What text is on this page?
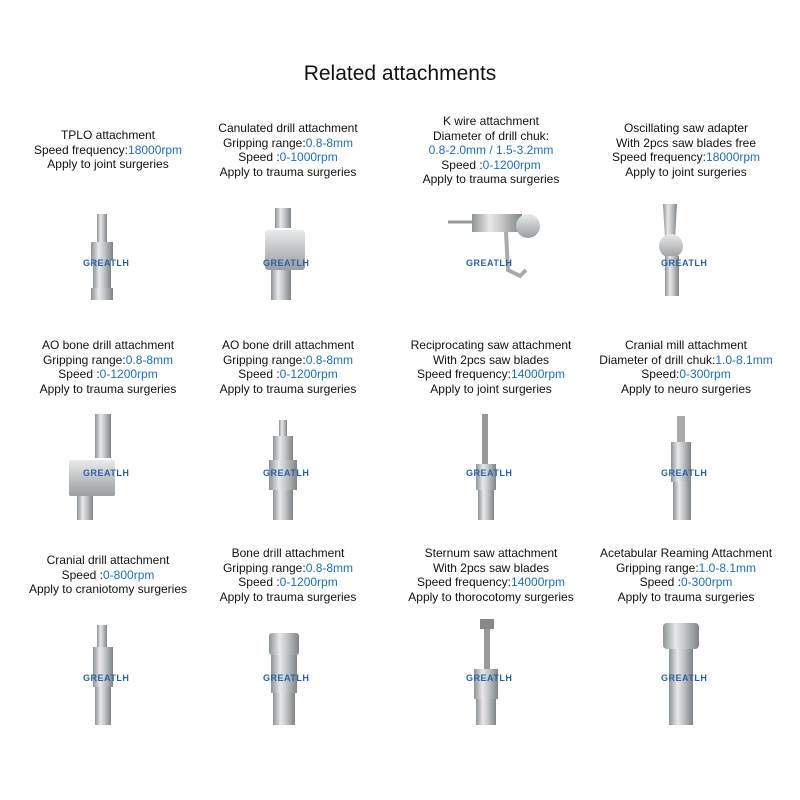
Related attachments
TPLO attachment
Speed frequency:18000rpm
Apply to joint surgeries
GREATLH
Canulated drill attachment
Gripping range:0.8-8mm
Speed :0-1000rpm
Apply to trauma surgeries
GREATLH
K wire attachment
Diameter of drill chuk:
0.8-2.0mm / 1.5-3.2mm
Speed :0-1200rpm
Apply to trauma surgeries
GREATLH
Oscillating saw adapter
With 2pcs saw blades free
Speed frequency:18000rpm
Apply to joint surgeries
GREATLH
AO bone drill attachment
Gripping range:0.8-8mm
Speed :0-1200rpm
Apply to trauma surgeries
GREATLH
AO bone drill attachment
Gripping range:0.8-8mm
Speed :0-1200rpm
Apply to trauma surgeries
GREATLH
Reciprocating saw attachment
With 2pcs saw blades
Speed frequency:14000rpm
Apply to joint surgeries
GREATLH
Cranial mill attachment
Diameter of drill chuk:1.0-8.1mm
Speed:0-300rpm
Apply to neuro surgeries
GREATLH
Cranial drill attachment
Speed :0-800rpm
Apply to craniotomy surgeries
GREATLH
Bone drill attachment
Gripping range:0.8-8mm
Speed :0-1200rpm
Apply to trauma surgeries
GREATLH
Sternum saw attachment
With 2pcs saw blades
Speed frequency:14000rpm
Apply to thorocotomy surgeries
GREATLH
Acetabular Reaming Attachment
Gripping range:1.0-8.1mm
Speed :0-300rpm
Apply to trauma surgeries
GREATLH
